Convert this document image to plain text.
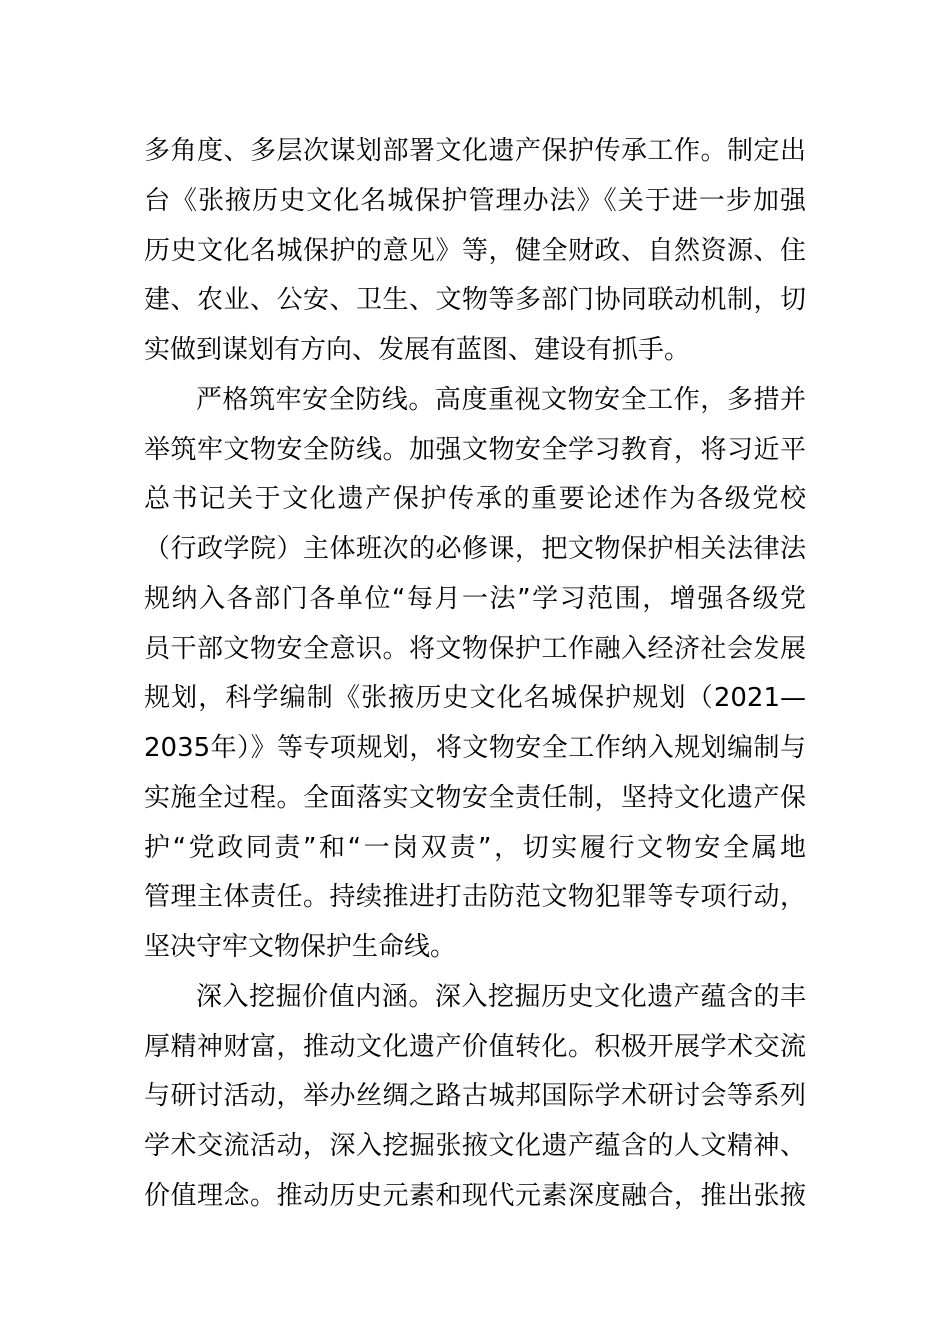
多角度、多层次谋划部署文化遗产保护传承工作。制定出
台《张掖历史文化名城保护管理办法》《关于进一步加强
历史文化名城保护的意见》等，健全财政、自然资源、住
建、农业、公安、卫生、文物等多部门协同联动机制，切
实做到谋划有方向、发展有蓝图、建设有抓手。
严格筑牢安全防线。高度重视文物安全工作，多措并
举筑牢文物安全防线。加强文物安全学习教育，将习近平
总书记关于文化遗产保护传承的重要论述作为各级党校
（行政学院）主体班次的必修课，把文物保护相关法律法
规纳入各部门各单位“每月一法”学习范围，增强各级党
员干部文物安全意识。将文物保护工作融入经济社会发展
规划，科学编制《张掖历史文化名城保护规划（2021—
2035年）》等专项规划，将文物安全工作纳入规划编制与
实施全过程。全面落实文物安全责任制，坚持文化遗产保
护“党政同责”和“一岗双责”，切实履行文物安全属地
管理主体责任。持续推进打击防范文物犯罪等专项行动，
坚决守牢文物保护生命线。
深入挖掘价值内涵。深入挖掘历史文化遗产蕴含的丰
厚精神财富，推动文化遗产价值转化。积极开展学术交流
与研讨活动，举办丝绸之路古城邦国际学术研讨会等系列
学术交流活动，深入挖掘张掖文化遗产蕴含的人文精神、
价值理念。推动历史元素和现代元素深度融合，推出张掖
